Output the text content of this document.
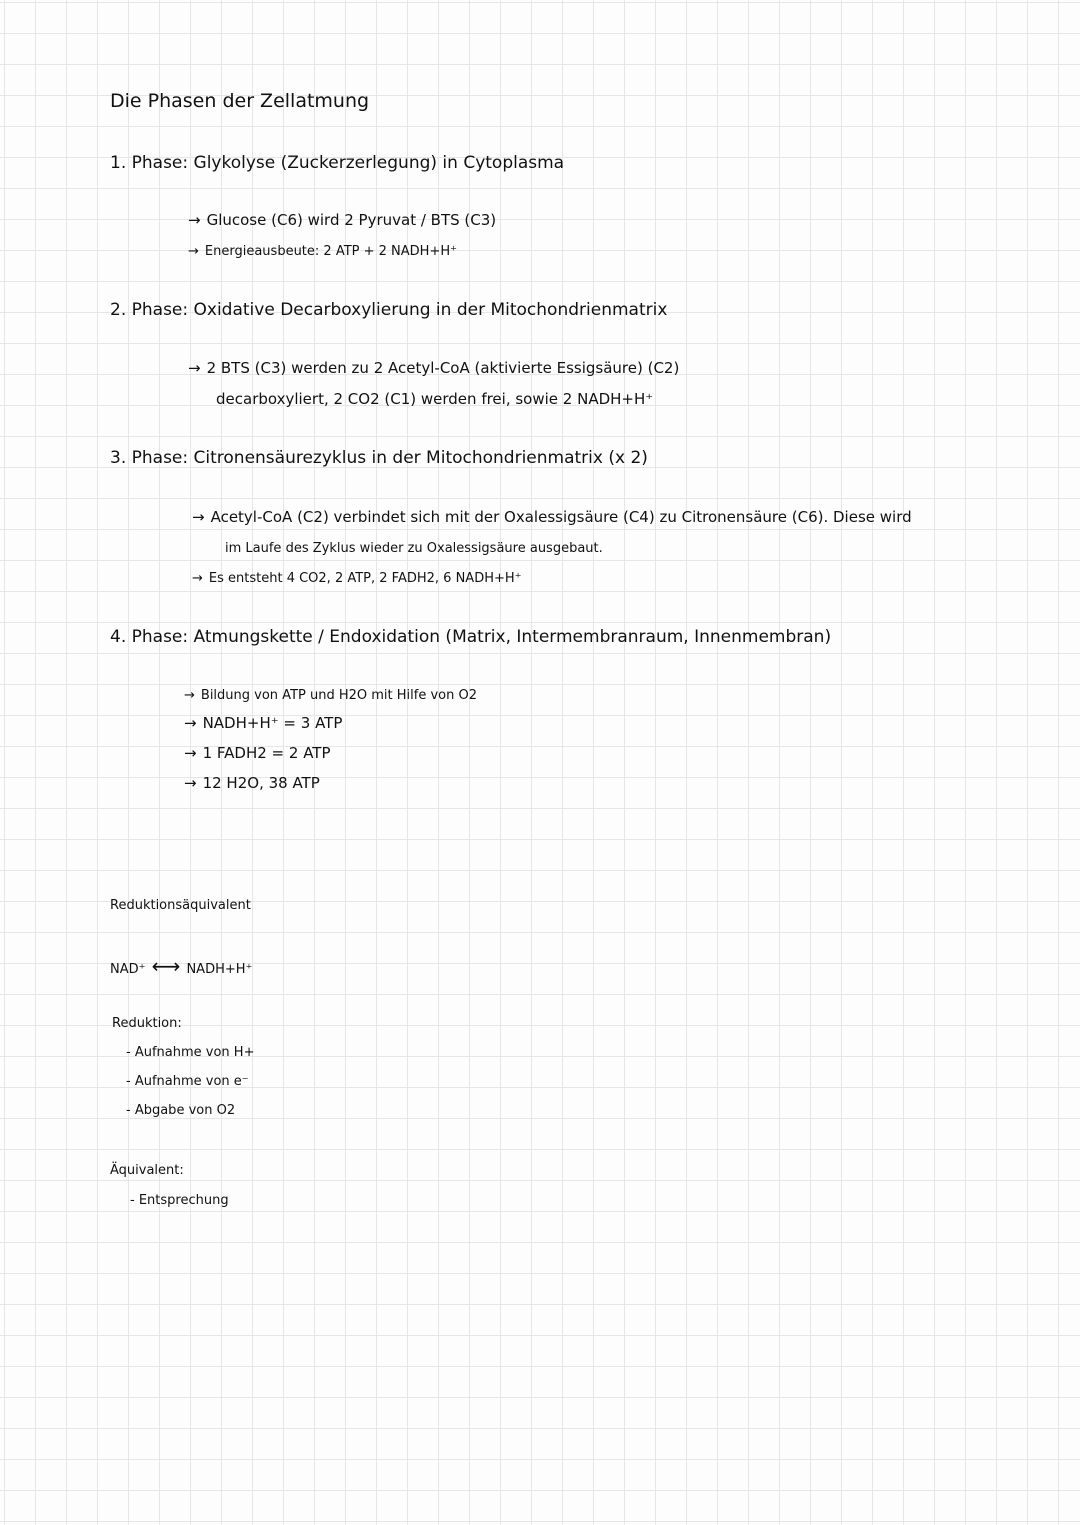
Die Phasen der Zellatmung
1. Phase: Glykolyse (Zuckerzerlegung) in Cytoplasma
→ Glucose (C6) wird 2 Pyruvat / BTS (C3)
→ Energieausbeute: 2 ATP + 2 NADH+H⁺
2. Phase: Oxidative Decarboxylierung in der Mitochondrienmatrix
→ 2 BTS (C3) werden zu 2 Acetyl-CoA (aktivierte Essigsäure) (C2)
decarboxyliert, 2 CO2 (C1) werden frei, sowie 2 NADH+H⁺
3. Phase: Citronensäurezyklus in der Mitochondrienmatrix (x 2)
→ Acetyl-CoA (C2) verbindet sich mit der Oxalessigsäure (C4) zu Citronensäure (C6). Diese wird
im Laufe des Zyklus wieder zu Oxalessigsäure ausgebaut.
→ Es entsteht 4 CO2, 2 ATP, 2 FADH2, 6 NADH+H⁺
4. Phase: Atmungskette / Endoxidation (Matrix, Intermembranraum, Innenmembran)
→ Bildung von ATP und H2O mit Hilfe von O2
→ NADH+H⁺ = 3 ATP
→ 1 FADH2 = 2 ATP
→ 12 H2O, 38 ATP
Reduktionsäquivalent
NAD⁺ ⟷ NADH+H⁺
Reduktion:
- Aufnahme von H+
- Aufnahme von e⁻
- Abgabe von O2
Äquivalent:
- Entsprechung
